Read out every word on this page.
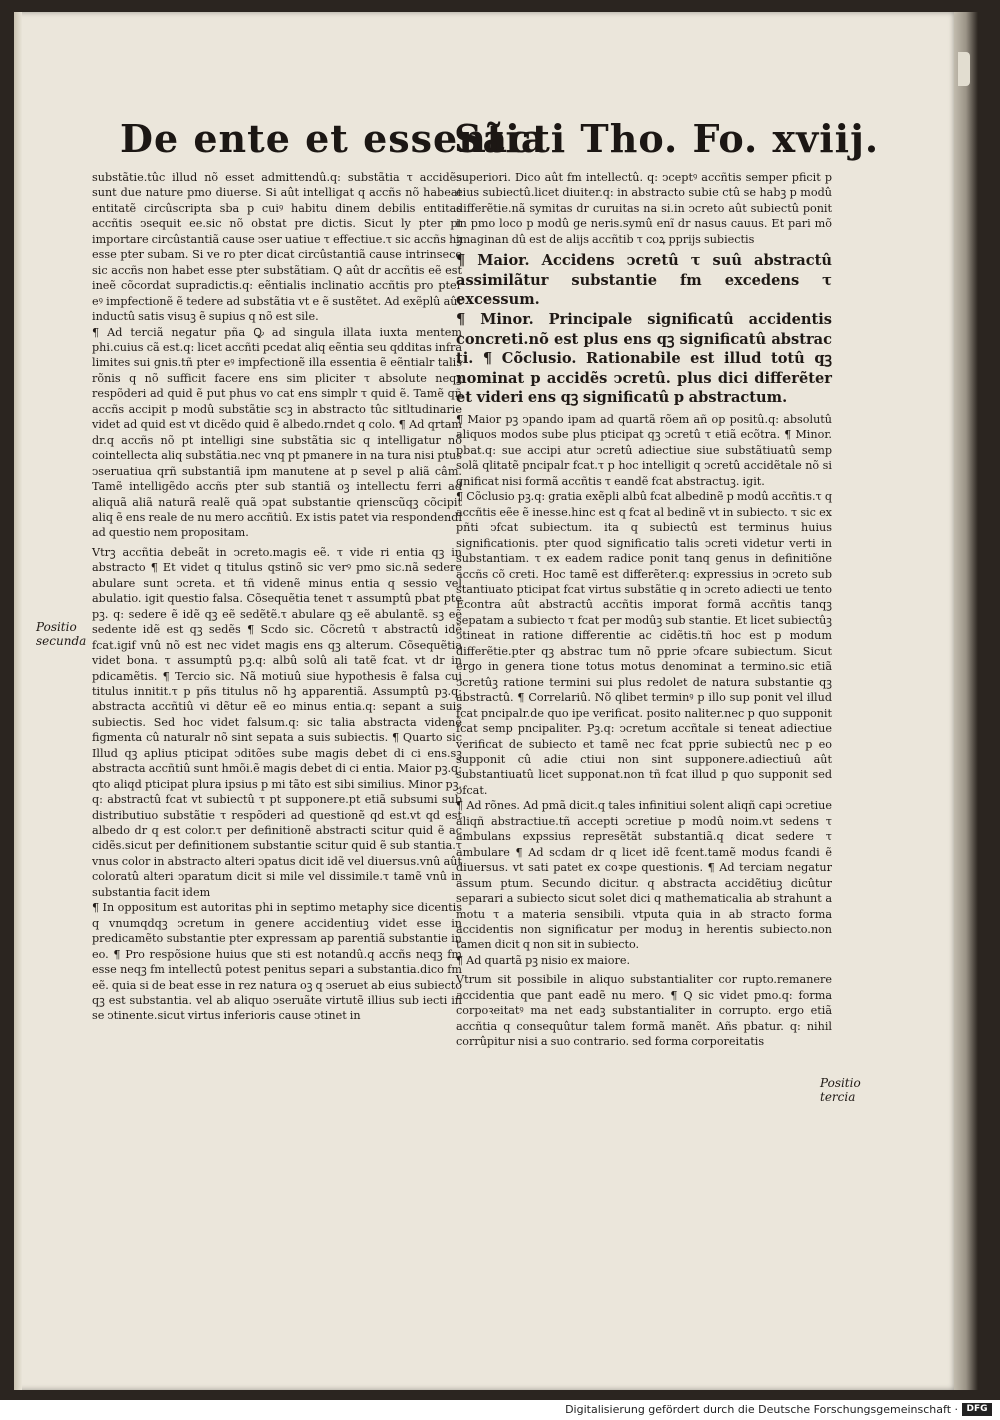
De ente et essentia
Sãcti Tho. Fo. xviij.
Positio secunda
Positio tercia

substãtie.tûc illud nõ esset admittendû.q: substãtia τ accidẽs sunt due nature pmo diuerse. Si aût intelligat q accñs nõ habeat entitatẽ circûscripta sba p cuiꝰ habitu dinem debilis entitas accñtis ↄsequit ee.sic nõ obstat pre dictis. Sicut ly pter pt importare circûstantiã cause ↄser uatiue τ effectiue.τ sic accñs hꝫ esse pter subam. Si ve ro pter dicat circûstantiã cause intrinsece sic accñs non habet esse pter substãtiam. Q aût dr accñtis eẽ est ineẽ cõcordat supradictis.q: eẽntialis inclinatio accñtis pro pter eꝰ impfectionẽ ẽ tedere ad substãtia vt e ẽ sustẽtet. Ad exẽplû aût inductû satis visuꝫ ẽ supius q nõ est sile.

¶ Ad terciã negatur pña Ꝙ ad singula illata iuxta mentem phi.cuius cã est.q: licet accñti pcedat aliq eẽntia seu qdditas infra limites sui gnis.tñ pter eꝰ impfectionẽ illa essentia ẽ eẽntialr talis rõnis q nõ sufficit facere ens sim pliciter τ absolute neqꝫ respõderi ad quid ẽ put phus vo cat ens simplr τ quid ẽ. Tamẽ qñ accñs accipit p modû substãtie scꝫ in abstracto tûc sitltudinarie videt ad quid est vt dicẽdo quid ẽ albedo.rndet q colo. ¶ Ad qrtam dr.q accñs nõ pt intelligi sine substãtia sic q intelligatur nõ cointellecta aliq substãtia.nec vnq pt pmanere in na tura nisi ptus ↄseruatiua qrñ substantiã ipm manutene at p sevel p aliã câm. Tamẽ intelligẽdo accñs pter sub stantiã oꝫ intellectu ferri ad aliquã aliã naturã realẽ quã ↄpat substantie qrienscũqꝫ cõcipit aliq ẽ ens reale de nu mero accñtiû. Ex istis patet via respondendi ad questio nem propositam.

Vtrꝫ accñtia debeãt in ↄcreto.magis eẽ. τ vide ri entia qꝫ in abstracto ¶ Et videt q titulus qstinõ sic verꝰ pmo sic.nã sedere abulare sunt ↄcreta. et tñ videnẽ minus entia q sessio vel abulatio. igit questio falsa. Cõsequẽtia tenet τ assumptû pbat pte pꝫ. q: sedere ẽ idẽ qꝫ eẽ sedẽtẽ.τ abulare qꝫ eẽ abulantẽ. sꝫ eẽ sedente idẽ est qꝫ sedẽs ¶ Scdo sic. Cõcretû τ abstractû idẽ fcat.igif vnû nõ est nec videt magis ens qꝫ alterum. Cõsequẽtia videt bona. τ assumptû pꝫ.q: albû solû ali tatẽ fcat. vt dr in pdicamẽtis. ¶ Tercio sic. Nã motiuû siue hypothesis ẽ falsa cui titulus innitit.τ p pñs titulus nõ hꝫ apparentiã. Assumptû pꝫ.q: abstracta accñtiû vi dẽtur eẽ eo minus entia.q: sepant a suis subiectis. Sed hoc videt falsum.q: sic talia abstracta videnẽ figmenta cû naturalr nõ sint sepata a suis subiectis. ¶ Quarto sic Illud qꝫ aplius pticipat ↄditões sube magis debet di ci ens.sꝫ abstracta accñtiû sunt hmõi.ẽ magis debet di ci entia. Maior pꝫ.q: qto aliqd pticipat plura ipsius p mi tãto est sibi similius. Minor pꝫ. q: abstractû fcat vt subiectû τ pt supponere.pt etiã subsumi sub distributiuo substãtie τ respõderi ad questionẽ qd est.vt qd est albedo dr q est color.τ per definitionẽ abstracti scitur quid ẽ ac cidẽs.sicut per definitionem substantie scitur quid ẽ sub stantia.τ vnus color in abstracto alteri ↄpatus dicit idẽ vel diuersus.vnû aût coloratû alteri ↄparatum dicit si mile vel dissimile.τ tamẽ vnû in substantia facit idem

¶ In oppositum est autoritas phi in septimo metaphy sice dicentis q vnumqdqꝫ ↄcretum in genere accidentiuꝫ videt esse in predicamẽto substantie pter expressam ap parentiã substantie in eo. ¶ Pro respõsione huius que sti est notandû.q accñs neqꝫ fm esse neqꝫ fm intellectû potest penitus separi a substantia.dico fm eẽ. quia si de beat esse in rez natura oꝫ q ↄseruet ab eius subiecto qꝫ est substantia. vel ab aliquo ↄseruãte virtutẽ illius sub iecti in se ↄtinente.sicut virtus inferioris cause ↄtinet in

superiori. Dico aût fm intellectû. q: ↄceptꝰ accñtis semper pficit p eius subiectû.licet diuiter.q: in abstracto subie ctû se habꝫ p modû differẽtie.nã symitas dr curuitas na si.in ↄcreto aût subiectû ponit in pmo loco p modû ge neris.symû enĩ dr nasus cauus. Et pari mõ imaginan dû est de alijs accñtib τ coꝝ pprijs subiectis

¶ Maior. Accidens ↄcretû τ suû abstractû assimilãtur substantie fm excedens τ excessum.

¶ Minor. Principale significatû accidentis concreti.nõ est plus ens qꝫ significatû abstrac ti. ¶ Cõclusio. Rationabile est illud totû qꝫ nominat p accidẽs ↄcretû. plus dici differẽter et videri ens qꝫ significatû p abstractum.

¶ Maior pꝫ ↄpando ipam ad quartã rõem añ op positû.q: absolutû aliquos modos sube plus pticipat qꝫ ↄcretû τ etiã ecõtra. ¶ Minor. pbat.q: sue accipi atur ↄcretû adiectiue siue substãtiuatû semp solã qlitatẽ pncipalr fcat.τ p hoc intelligit q ↄcretû accidẽtale nõ si gnificat nisi formã accñtis τ eandẽ fcat abstractuꝫ. igit.

¶ Cõclusio pꝫ.q: gratia exẽpli albû fcat albedinẽ p modû accñtis.τ q accñtis eẽe ẽ inesse.hinc est q fcat al bedinẽ vt in subiecto. τ sic ex pñti ↄfcat subiectum. ita q subiectû est terminus huius significationis. pter quod significatio talis ↄcreti videtur verti in substantiam. τ ex eadem radice ponit tanq genus in definitiõne accñs cõ creti. Hoc tamẽ est differẽter.q: expressius in ↄcreto sub stantiuato pticipat fcat virtus substãtie q in ↄcreto adiecti ue tento Econtra aût abstractû accñtis imporat formã accñtis tanqꝫ sepatam a subiecto τ fcat per modûꝫ sub stantie. Et licet subiectûꝫ ↄtineat in ratione differentie ac cidẽtis.tñ hoc est p modum differẽtie.pter qꝫ abstrac tum nõ pprie ↄfcare subiectum. Sicut ergo in genera tione totus motus denominat a termino.sic etiã ↄcretûꝫ ratione termini sui plus redolet de natura substantie qꝫ abstractû. ¶ Correlariû. Nõ qlibet terminꝰ p illo sup ponit vel illud fcat pncipalr.de quo ipe verificat. posito naliter.nec p quo supponit fcat semp pncipaliter. Pꝫ.q: ↄcretum accñtale si teneat adiectiue verificat de subiecto et tamẽ nec fcat pprie subiectû nec p eo supponit cû adie ctiui non sint supponere.adiectiuû aût substantiuatû licet supponat.non tñ fcat illud p quo supponit sed ↄfcat.

¶ Ad rõnes. Ad pmã dicit.q tales infinitiui solent aliqñ capi ↄcretiue aliqñ abstractiue.tñ accepti ↄcretiue p modû noim.vt sedens τ ambulans expssius represẽtãt substantiã.q dicat sedere τ ambulare ¶ Ad scdam dr q licet idẽ fcent.tamẽ modus fcandi ẽ diuersus. vt sati patet ex coꝛpe questionis. ¶ Ad terciam negatur assum ptum. Secundo dicitur. q abstracta accidẽtiuꝫ dicûtur separari a subiecto sicut solet dici q mathematicalia ab strahunt a motu τ a materia sensibili. vtputa quia in ab stracto forma accidentis non significatur per moduꝫ in herentis subiecto.non tamen dicit q non sit in subiecto.

¶ Ad quartã pꝫ nisio ex maiore.

Vtrum sit possibile in aliquo substantialiter cor rupto.remanere accidentia que pant eadẽ nu mero. ¶ Q sic videt pmo.q: forma corpoꝛeitatꝰ ma net eadꝫ substantialiter in corrupto. ergo etiã accñtia q consequûtur talem formã manẽt. Añs pbatur. q: nihil corrûpitur nisi a suo contrario. sed forma corporeitatis

Digitalisierung gefördert durch die Deutsche Forschungsgemeinschaft · DFG
